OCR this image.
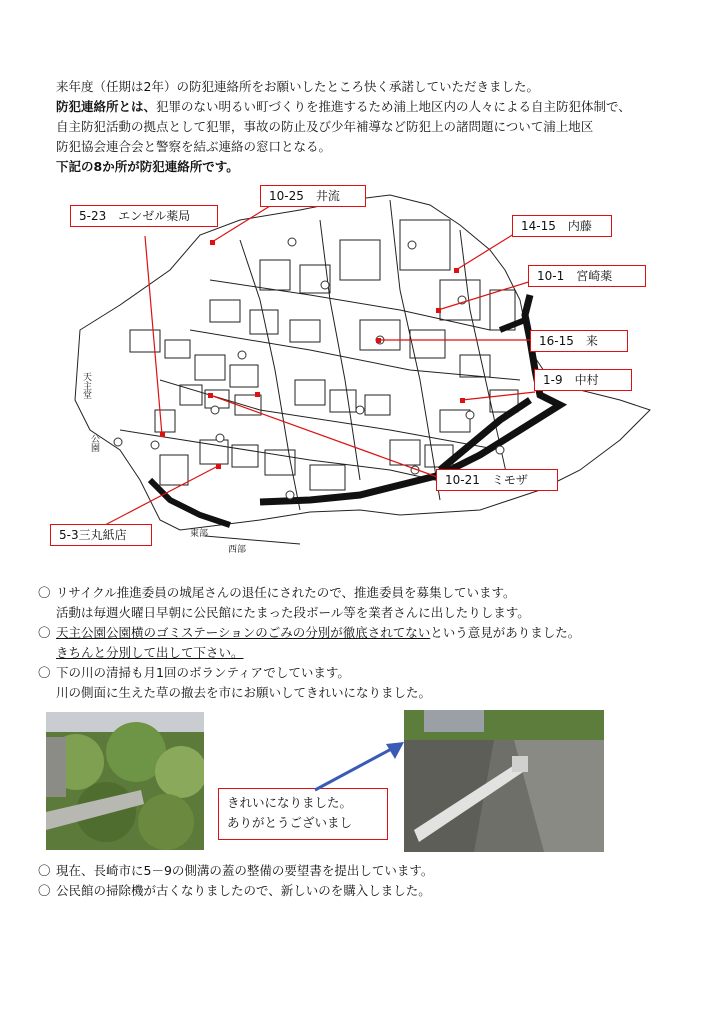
来年度（任期は2年）の防犯連絡所をお願いしたところ快く承諾していただきました。
防犯連絡所とは、犯罪のない明るい町づくりを推進するため浦上地区内の人々による自主防犯体制で、
自主防犯活動の拠点として犯罪，事故の防止及び少年補導など防犯上の諸問題について浦上地区
防犯協会連合会と警察を結ぶ連絡の窓口となる。
下記の8か所が防犯連絡所です。
天主堂
公園
東部
西部
10-25　井流
5-23　エンゼル薬局
14-15　内藤
10-1　宮崎薬
16-15　来
1-9　中村
10-21　ミモザ
5-3三丸紙店
〇 リサイクル推進委員の城尾さんの退任にされたので、推進委員を募集しています。
活動は毎週火曜日早朝に公民館にたまった段ボール等を業者さんに出したりします。
〇 天主公園公園横のゴミステーションのごみの分別が徹底されてないという意見がありました。
きちんと分別して出して下さい。
〇 下の川の清掃も月1回のボランティアでしています。
川の側面に生えた草の撤去を市にお願いしてきれいになりました。
きれいになりました。
ありがとうございまし
〇 現在、長崎市に5－9の側溝の蓋の整備の要望書を提出しています。
〇 公民館の掃除機が古くなりましたので、新しいのを購入しました。
